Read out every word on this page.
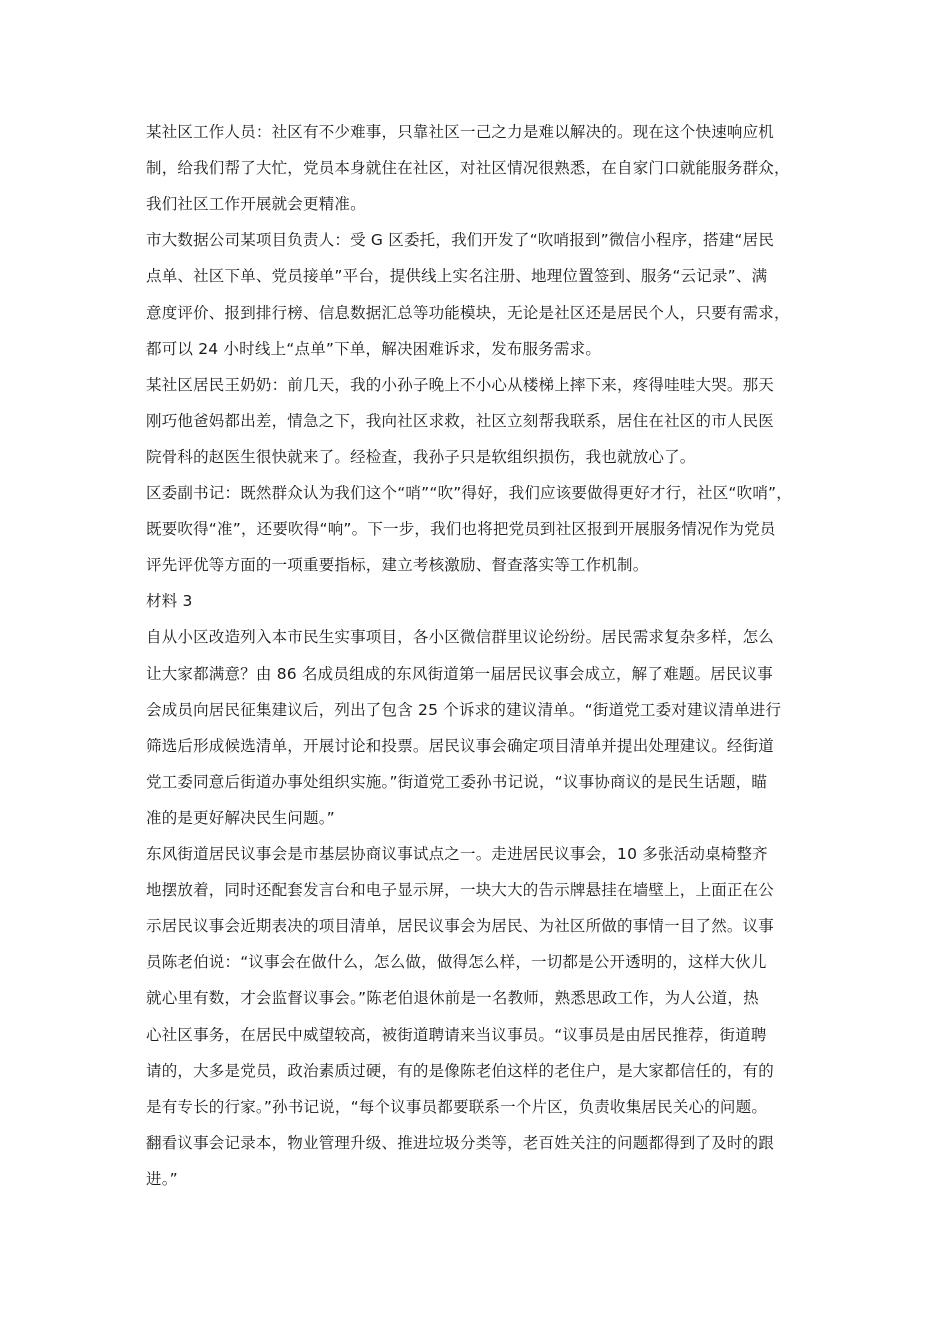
某社区工作人员：社区有不少难事，只靠社区一己之力是难以解决的。现在这个快速响应机
制，给我们帮了大忙，党员本身就住在社区，对社区情况很熟悉，在自家门口就能服务群众，
我们社区工作开展就会更精准。
市大数据公司某项目负责人：受 G 区委托，我们开发了“吹哨报到”微信小程序，搭建“居民
点单、社区下单、党员接单”平台，提供线上实名注册、地理位置签到、服务“云记录”、满
意度评价、报到排行榜、信息数据汇总等功能模块，无论是社区还是居民个人，只要有需求，
都可以 24 小时线上“点单”下单，解决困难诉求，发布服务需求。
某社区居民王奶奶：前几天，我的小孙子晚上不小心从楼梯上摔下来，疼得哇哇大哭。那天
刚巧他爸妈都出差，情急之下，我向社区求救，社区立刻帮我联系，居住在社区的市人民医
院骨科的赵医生很快就来了。经检查，我孙子只是软组织损伤，我也就放心了。
区委副书记：既然群众认为我们这个“哨”“吹”得好，我们应该要做得更好才行，社区“吹哨”，
既要吹得“准”，还要吹得“响”。下一步，我们也将把党员到社区报到开展服务情况作为党员
评先评优等方面的一项重要指标，建立考核激励、督查落实等工作机制。
材料 3
自从小区改造列入本市民生实事项目，各小区微信群里议论纷纷。居民需求复杂多样，怎么
让大家都满意？由 86 名成员组成的东风街道第一届居民议事会成立，解了难题。居民议事
会成员向居民征集建议后，列出了包含 25 个诉求的建议清单。“街道党工委对建议清单进行
筛选后形成候选清单，开展讨论和投票。居民议事会确定项目清单并提出处理建议。经街道
党工委同意后街道办事处组织实施。”街道党工委孙书记说，“议事协商议的是民生话题，瞄
准的是更好解决民生问题。”
东风街道居民议事会是市基层协商议事试点之一。走进居民议事会，10 多张活动桌椅整齐
地摆放着，同时还配套发言台和电子显示屏，一块大大的告示牌悬挂在墙壁上，上面正在公
示居民议事会近期表决的项目清单，居民议事会为居民、为社区所做的事情一目了然。议事
员陈老伯说：“议事会在做什么，怎么做，做得怎么样，一切都是公开透明的，这样大伙儿
就心里有数，才会监督议事会。”陈老伯退休前是一名教师，熟悉思政工作，为人公道，热
心社区事务，在居民中威望较高，被街道聘请来当议事员。“议事员是由居民推荐，街道聘
请的，大多是党员，政治素质过硬，有的是像陈老伯这样的老住户，是大家都信任的，有的
是有专长的行家。”孙书记说，“每个议事员都要联系一个片区，负责收集居民关心的问题。
翻看议事会记录本，物业管理升级、推进垃圾分类等，老百姓关注的问题都得到了及时的跟
进。”
